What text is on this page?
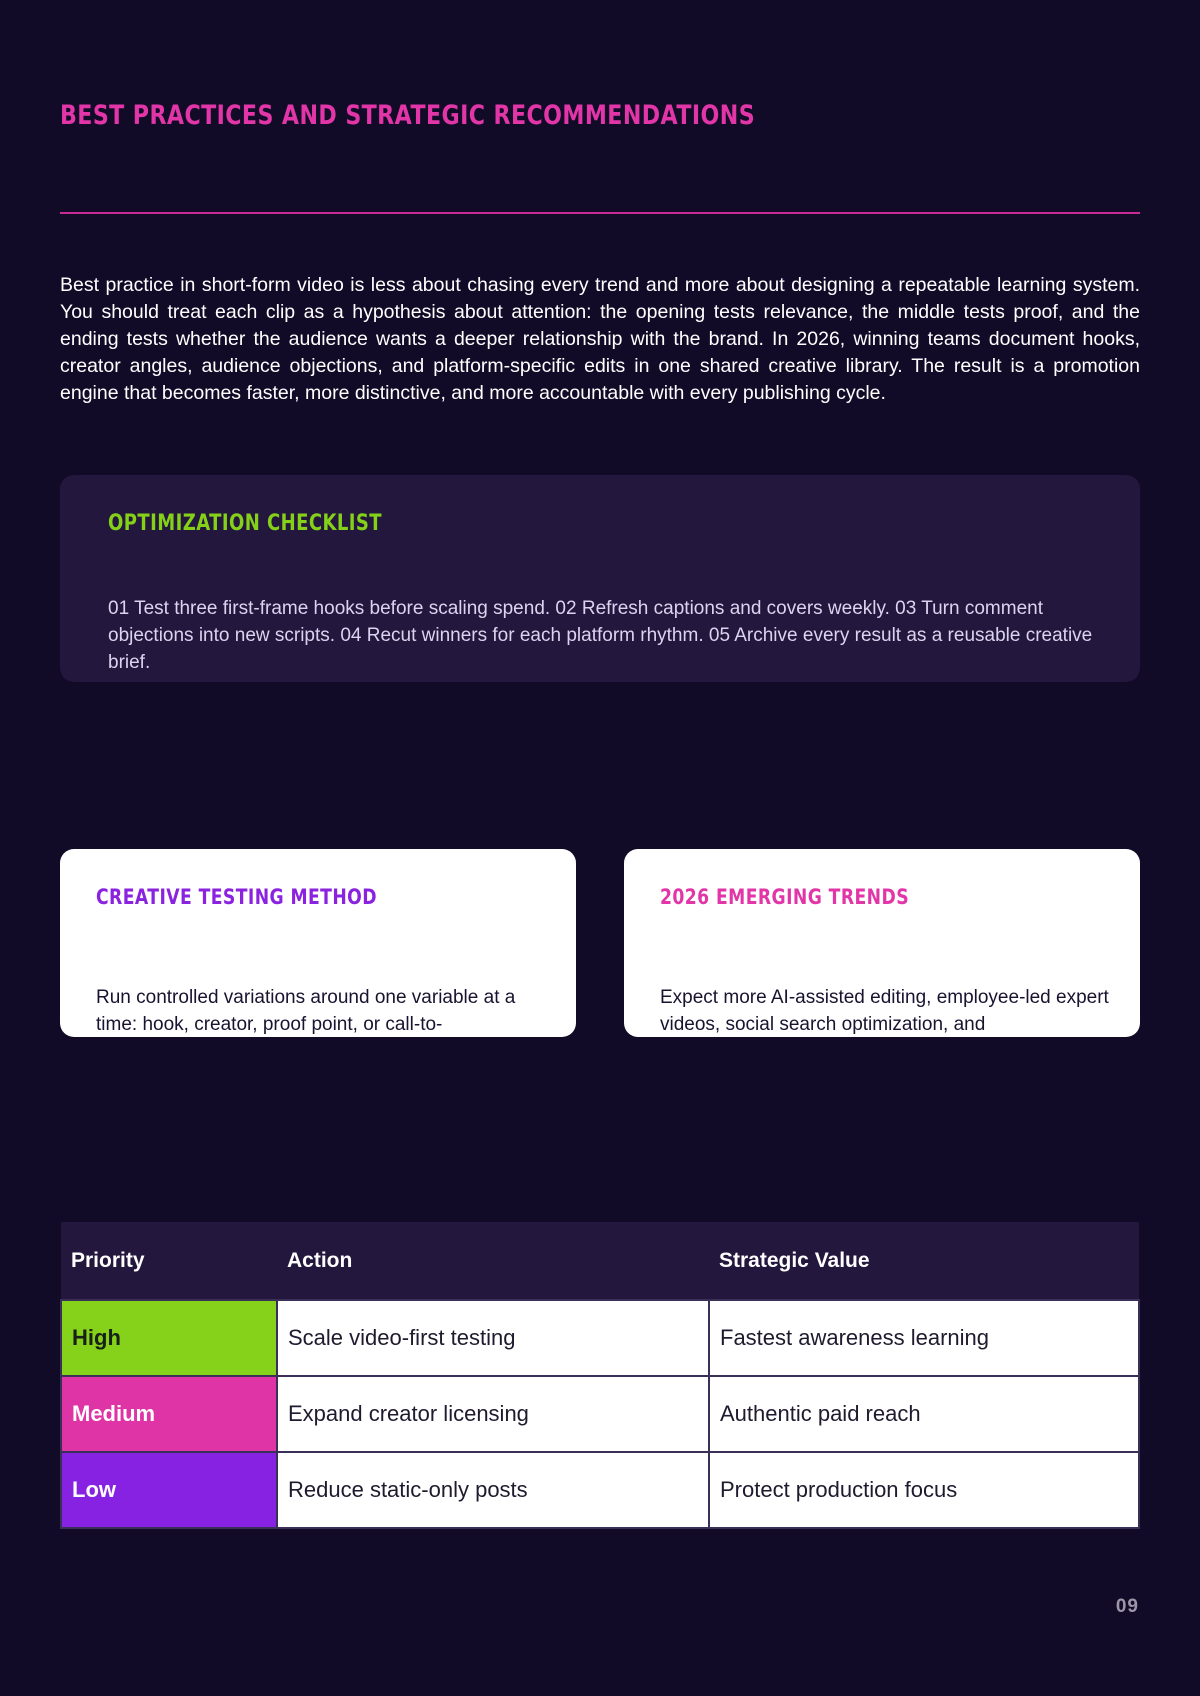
BEST PRACTICES AND STRATEGIC RECOMMENDATIONS

Best practice in short-form video is less about chasing every trend and more about designing a repeatable learning system. You should treat each clip as a hypothesis about attention: the opening tests relevance, the middle tests proof, and the ending tests whether the audience wants a deeper relationship with the brand. In 2026, winning teams document hooks, creator angles, audience objections, and platform-specific edits in one shared creative library. The result is a promotion engine that becomes faster, more distinctive, and more accountable with every publishing cycle.

OPTIMIZATION CHECKLIST

01 Test three first-frame hooks before scaling spend. 02 Refresh captions and covers weekly. 03 Turn comment objections into new scripts. 04 Recut winners for each platform rhythm. 05 Archive every result as a reusable creative brief.

CREATIVE TESTING METHOD

Run controlled variations around one variable at a time: hook, creator, proof point, or call-to-

2026 EMERGING TRENDS

Expect more AI-assisted editing, employee-led expert videos, social search optimization, and

Priority	Action	Strategic Value
High	Scale video-first testing	Fastest awareness learning
Medium	Expand creator licensing	Authentic paid reach
Low	Reduce static-only posts	Protect production focus
09
